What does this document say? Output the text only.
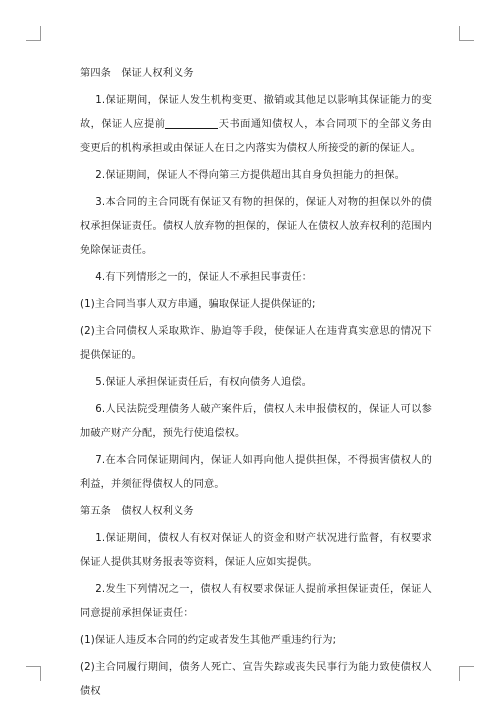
第四条　保证人权利义务

1.保证期间，保证人发生机构变更、撤销或其他足以影响其保证能力的变故，保证人应提前	天书面通知债权人，本合同项下的全部义务由变更后的机构承担或由保证人在日之内落实为债权人所接受的新的保证人。

2.保证期间，保证人不得向第三方提供超出其自身负担能力的担保。

3.本合同的主合同既有保证又有物的担保的，保证人对物的担保以外的债权承担保证责任。债权人放弃物的担保的，保证人在债权人放弃权利的范围内免除保证责任。

4.有下列情形之一的，保证人不承担民事责任：

(1)主合同当事人双方串通，骗取保证人提供保证的;

(2)主合同债权人采取欺诈、胁迫等手段，使保证人在违背真实意思的情况下提供保证的。

5.保证人承担保证责任后，有权向债务人追偿。

6.人民法院受理债务人破产案件后，债权人未申报债权的，保证人可以参加破产财产分配，预先行使追偿权。

7.在本合同保证期间内，保证人如再向他人提供担保，不得损害债权人的利益，并须征得债权人的同意。

第五条　债权人权利义务

1.保证期间，债权人有权对保证人的资金和财产状况进行监督，有权要求保证人提供其财务报表等资料，保证人应如实提供。

2.发生下列情况之一，债权人有权要求保证人提前承担保证责任，保证人同意提前承担保证责任：

(1)保证人违反本合同的约定或者发生其他严重违约行为;

(2)主合同履行期间，债务人死亡、宣告失踪或丧失民事行为能力致使债权人债权
